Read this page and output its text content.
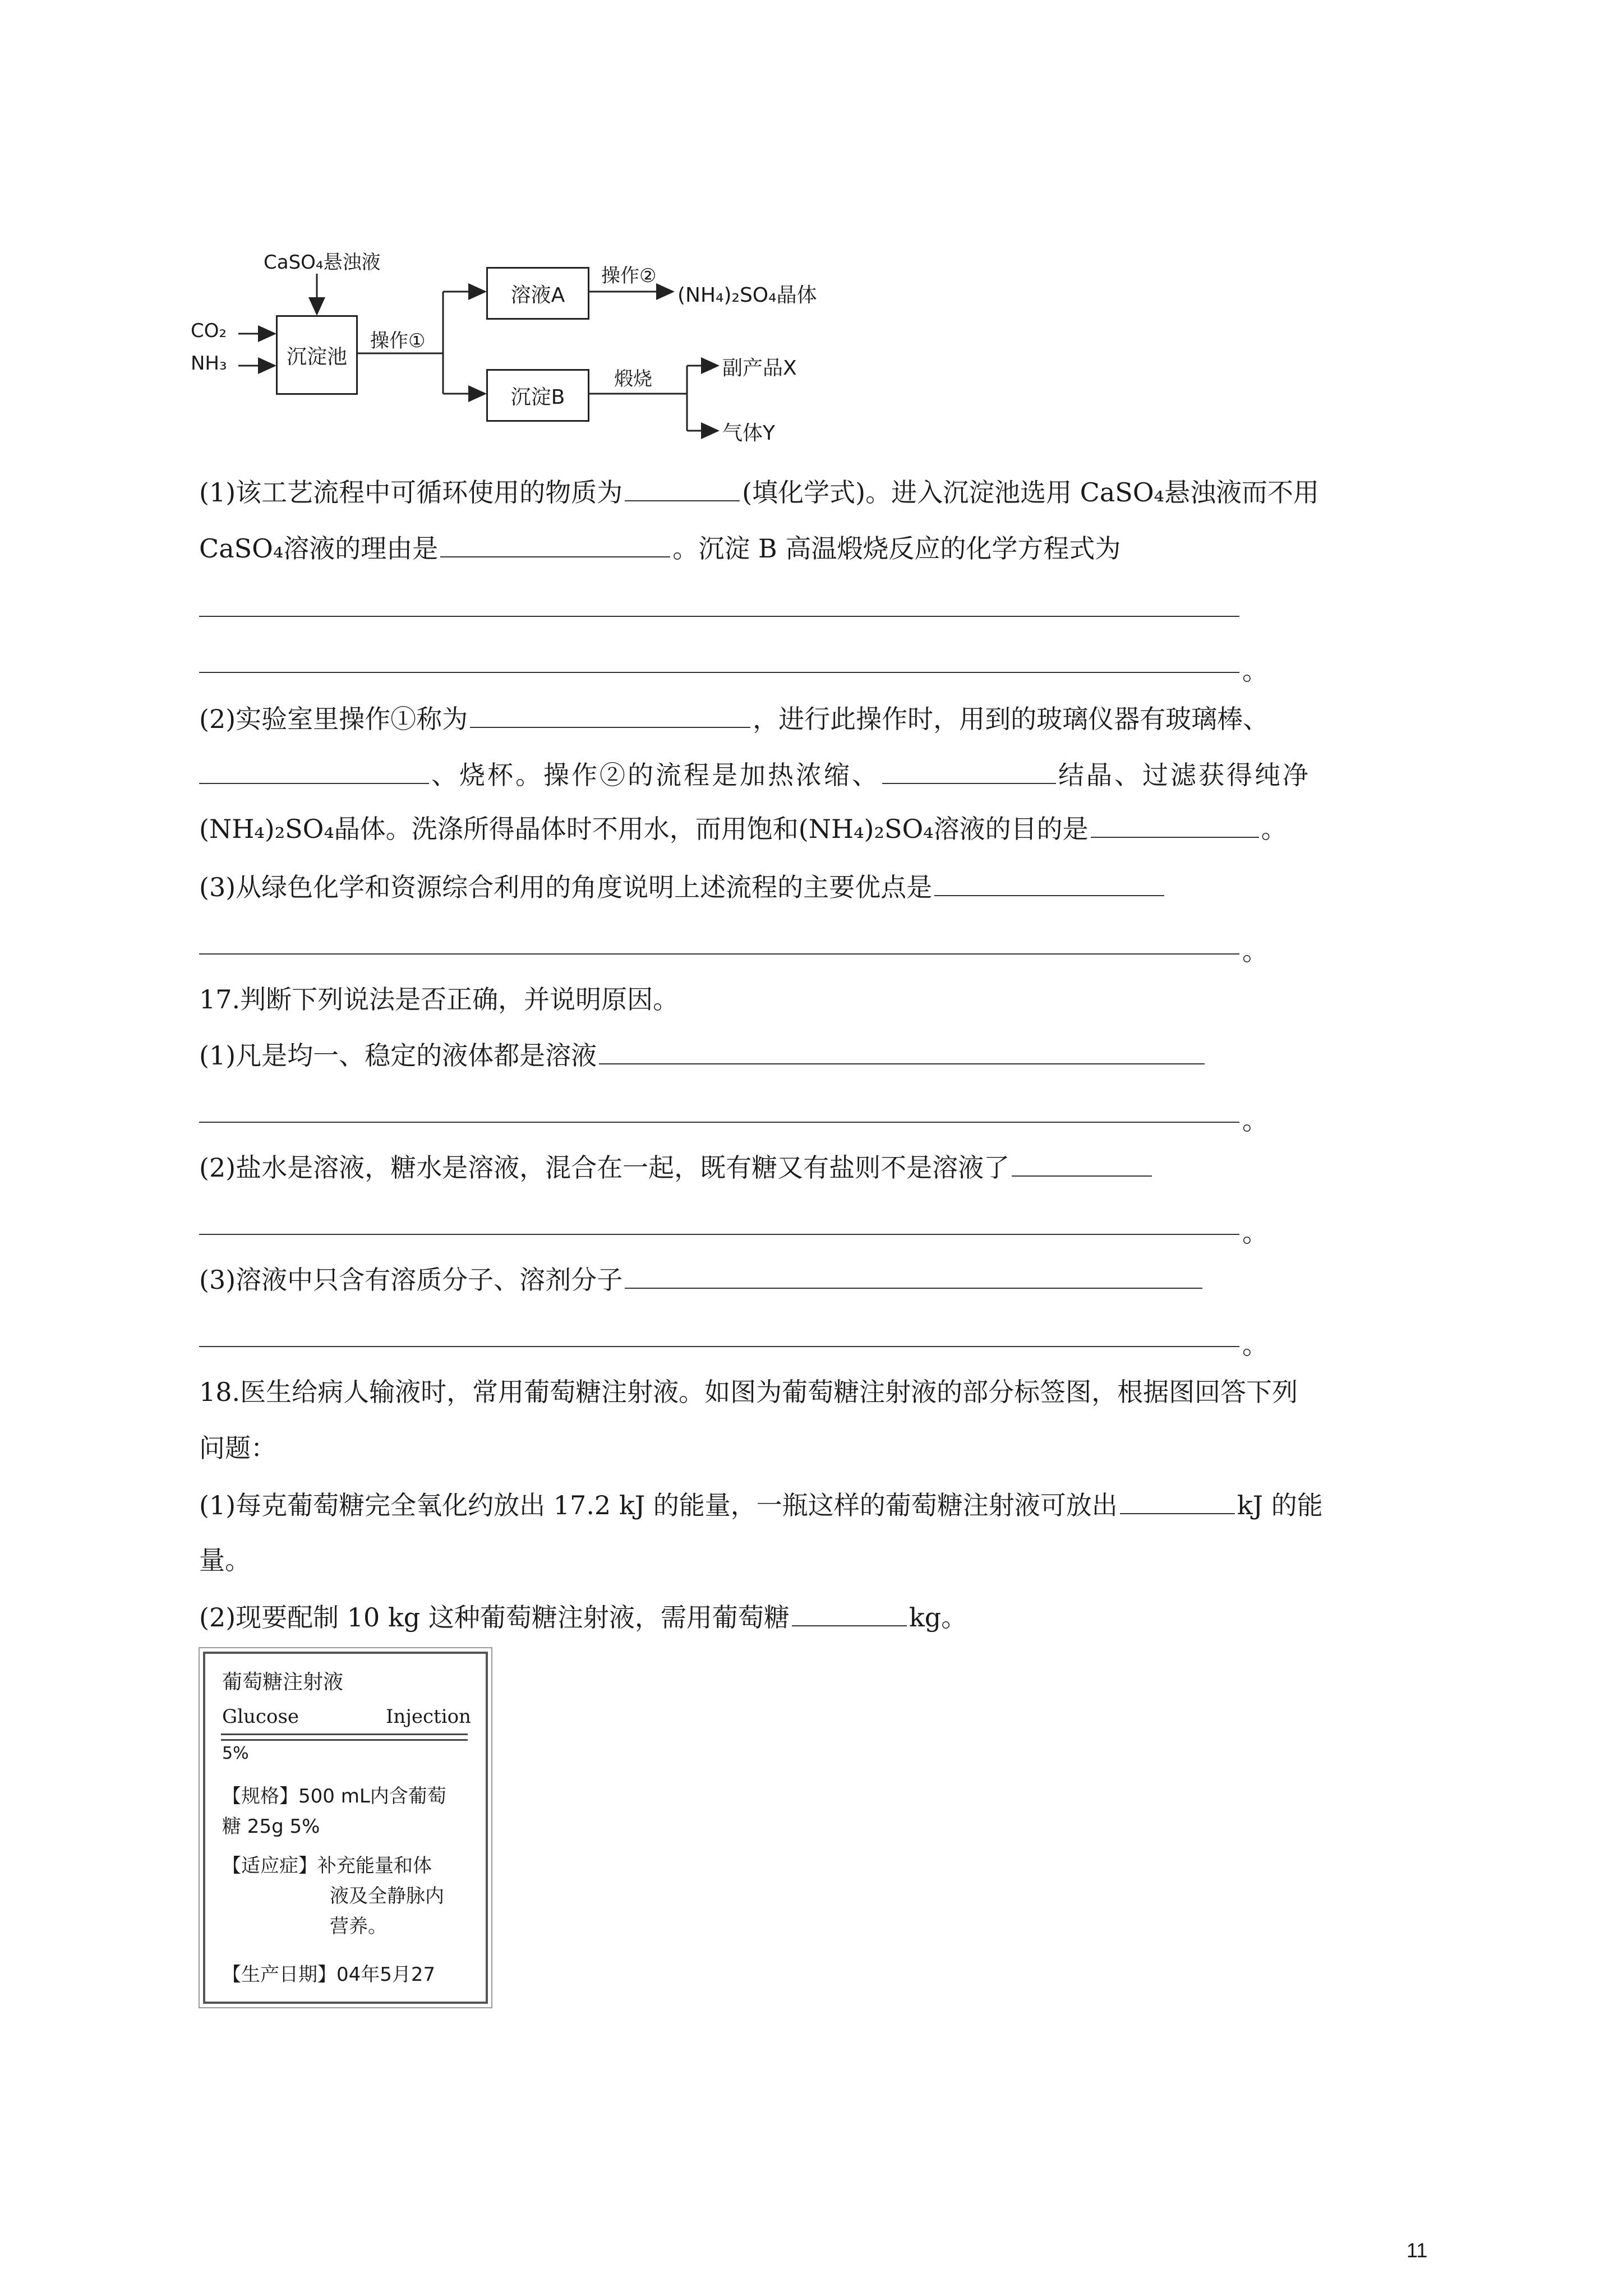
CaSO₄悬浊液
CO₂
NH₃	沉淀池
操作①
溶液A
操作②
(NH₄)₂SO₄晶体
沉淀B
煅烧	副产品X
气体Y
(1)该工艺流程中可循环使用的物质为	(填化学式)。进入沉淀池选用 CaSO₄悬浊液而不用
CaSO₄溶液的理由是	。沉淀 B 高温煅烧反应的化学方程式为
。
(2)实验室里操作①称为	，进行此操作时，用到的玻璃仪器有玻璃棒、
、烧杯。操作②的流程是加热浓缩、	结晶、过滤获得纯净
(NH₄)₂SO₄晶体。洗涤所得晶体时不用水，而用饱和(NH₄)₂SO₄溶液的目的是	。
(3)从绿色化学和资源综合利用的角度说明上述流程的主要优点是
。
17.判断下列说法是否正确，并说明原因。
(1)凡是均一、稳定的液体都是溶液
。
(2)盐水是溶液，糖水是溶液，混合在一起，既有糖又有盐则不是溶液了
。
(3)溶液中只含有溶质分子、溶剂分子
。
18.医生给病人输液时，常用葡萄糖注射液。如图为葡萄糖注射液的部分标签图，根据图回答下列
问题：
(1)每克葡萄糖完全氧化约放出 17.2 kJ 的能量，一瓶这样的葡萄糖注射液可放出	kJ 的能
量。
(2)现要配制 10 kg 这种葡萄糖注射液，需用葡萄糖	kg。
葡萄糖注射液
Glucose	Injection
5%
【规格】500 mL内含葡萄
糖 25g 5%
【适应症】补充能量和体
液及全静脉内
营养。
【生产日期】04年5月27
11
